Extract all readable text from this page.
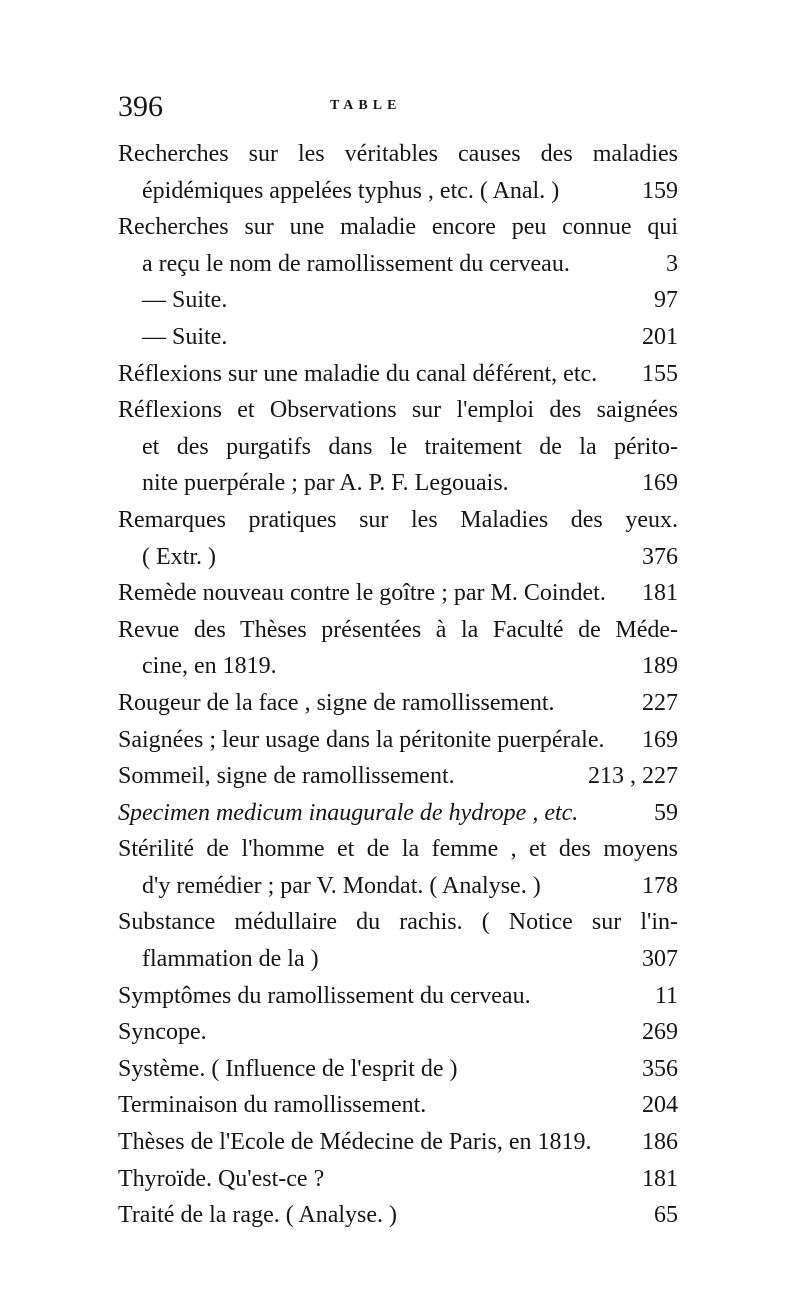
396	TABLE
Recherches sur les véritables causes des maladies
épidémiques appelées typhus , etc. ( Anal. )	159
Recherches sur une maladie encore peu connue qui
a reçu le nom de ramollissement du cerveau.	3
— Suite.	97
— Suite.	201
Réflexions sur une maladie du canal déférent, etc. 155
Réflexions et Observations sur l'emploi des saignées
et des purgatifs dans le traitement de la périto-
nite puerpérale ; par A. P. F. Legouais.	169
Remarques pratiques sur les Maladies des yeux.
( Extr. )	376
Remède nouveau contre le goître ; par M. Coindet. 181
Revue des Thèses présentées à la Faculté de Méde-
cine, en 1819.	189
Rougeur de la face , signe de ramollissement.	227
Saignées ; leur usage dans la péritonite puerpérale. 169
Sommeil, signe de ramollissement.	213 , 227
Specimen medicum inaugurale de hydrope , etc.	59
Stérilité de l'homme et de la femme , et des moyens
d'y remédier ; par V. Mondat. ( Analyse. )	178
Substance médullaire du rachis. ( Notice sur l'in-
flammation de la )	307
Symptômes du ramollissement du cerveau.	11
Syncope.	269
Système. ( Influence de l'esprit de )	356
Terminaison du ramollissement.	204
Thèses de l'Ecole de Médecine de Paris, en 1819. 186
Thyroïde. Qu'est-ce ?	181
Traité de la rage. ( Analyse. )	65
